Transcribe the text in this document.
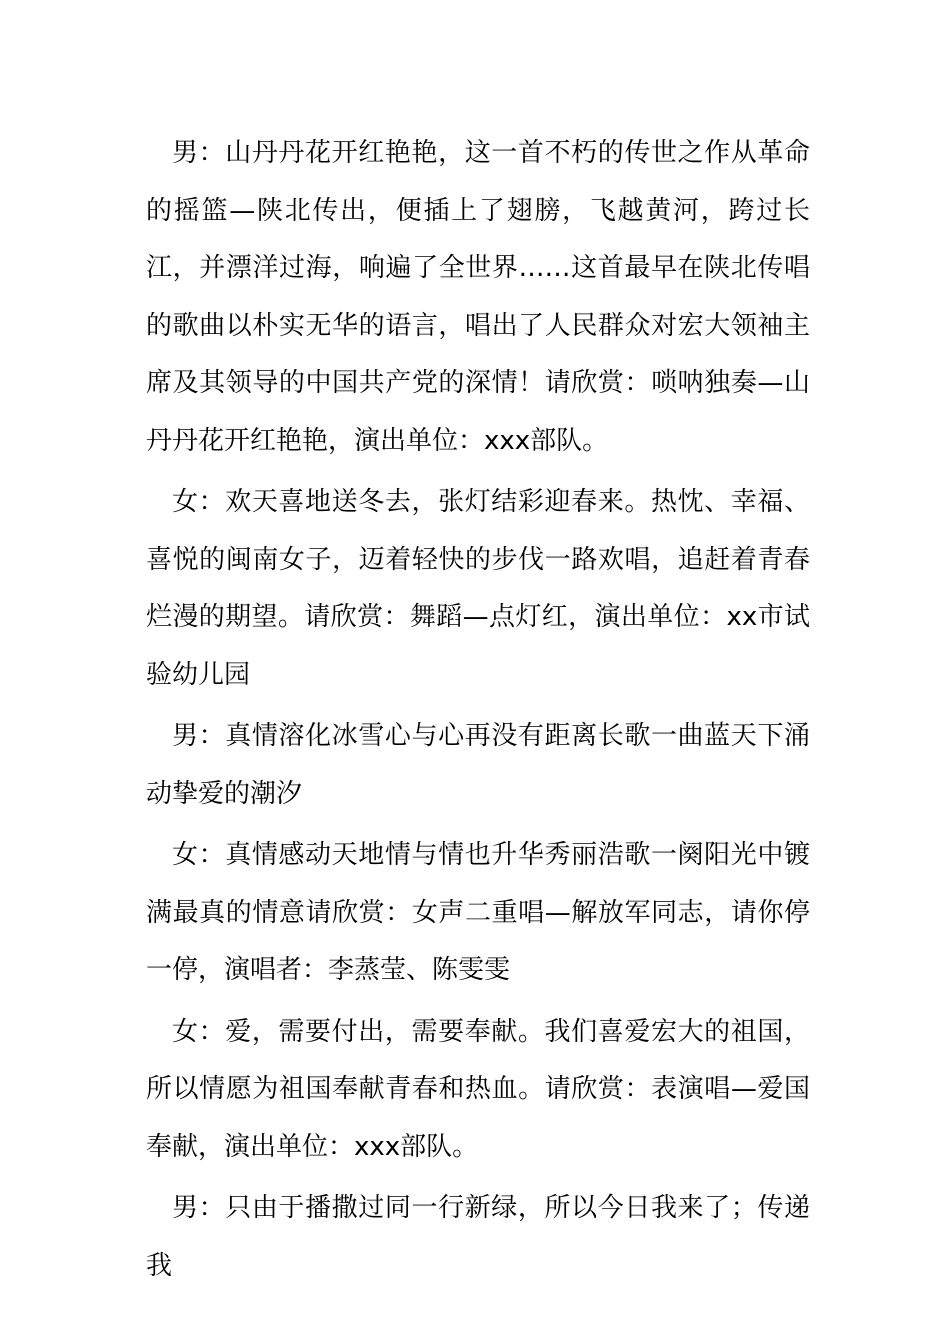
男：山丹丹花开红艳艳，这一首不朽的传世之作从革命的摇篮—陕北传出，便插上了翅膀，飞越黄河，跨过长江，并漂洋过海，响遍了全世界……这首最早在陕北传唱的歌曲以朴实无华的语言，唱出了人民群众对宏大领袖主席及其领导的中国共产党的深情！请欣赏：唢呐独奏—山丹丹花开红艳艳，演出单位：xxx部队。

女：欢天喜地送冬去，张灯结彩迎春来。热忱、幸福、喜悦的闽南女子，迈着轻快的步伐一路欢唱，追赶着青春烂漫的期望。请欣赏：舞蹈—点灯红，演出单位：xx市试验幼儿园

男：真情溶化冰雪心与心再没有距离长歌一曲蓝天下涌动挚爱的潮汐

女：真情感动天地情与情也升华秀丽浩歌一阕阳光中镀满最真的情意请欣赏：女声二重唱—解放军同志，请你停一停，演唱者：李蒸莹、陈雯雯

女：爱，需要付出，需要奉献。我们喜爱宏大的祖国，所以情愿为祖国奉献青春和热血。请欣赏：表演唱—爱国奉献，演出单位：xxx部队。

男：只由于播撒过同一行新绿，所以今日我来了；传递我
